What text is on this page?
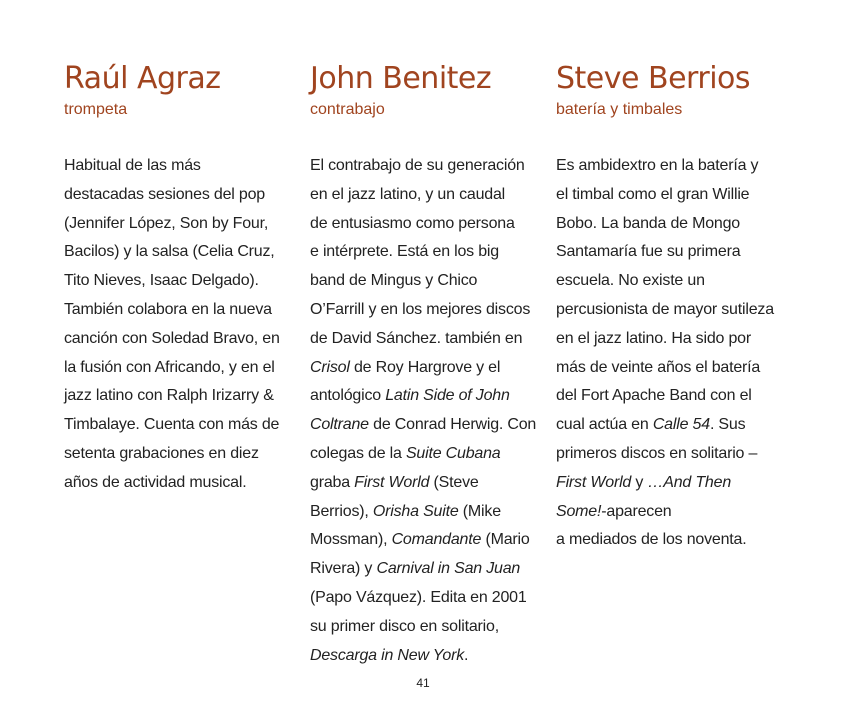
Raúl Agraz
trompeta
Habitual de las más
destacadas sesiones del pop
(Jennifer López, Son by Four,
Bacilos) y la salsa (Celia Cruz,
Tito Nieves, Isaac Delgado).
También colabora en la nueva
canción con Soledad Bravo, en
la fusión con Africando, y en el
jazz latino con Ralph Irizarry &
Timbalaye. Cuenta con más de
setenta grabaciones en diez
años de actividad musical.
John Benitez
contrabajo
El contrabajo de su generación
en el jazz latino, y un caudal
de entusiasmo como persona
e intérprete. Está en los big
band de Mingus y Chico
O’Farrill y en los mejores discos
de David Sánchez. también en
Crisol de Roy Hargrove y el
antológico Latin Side of John
Coltrane de Conrad Herwig. Con
colegas de la Suite Cubana
graba First World (Steve
Berrios), Orisha Suite (Mike
Mossman), Comandante (Mario
Rivera) y Carnival in San Juan
(Papo Vázquez). Edita en 2001
su primer disco en solitario,
Descarga in New York.
Steve Berrios
batería y timbales
Es ambidextro en la batería y
el timbal como el gran Willie
Bobo. La banda de Mongo
Santamaría fue su primera
escuela. No existe un
percusionista de mayor sutileza
en el jazz latino. Ha sido por
más de veinte años el batería
del Fort Apache Band con el
cual actúa en Calle 54. Sus
primeros discos en solitario –
First World y …And Then
Some!-aparecen
a mediados de los noventa.
41
